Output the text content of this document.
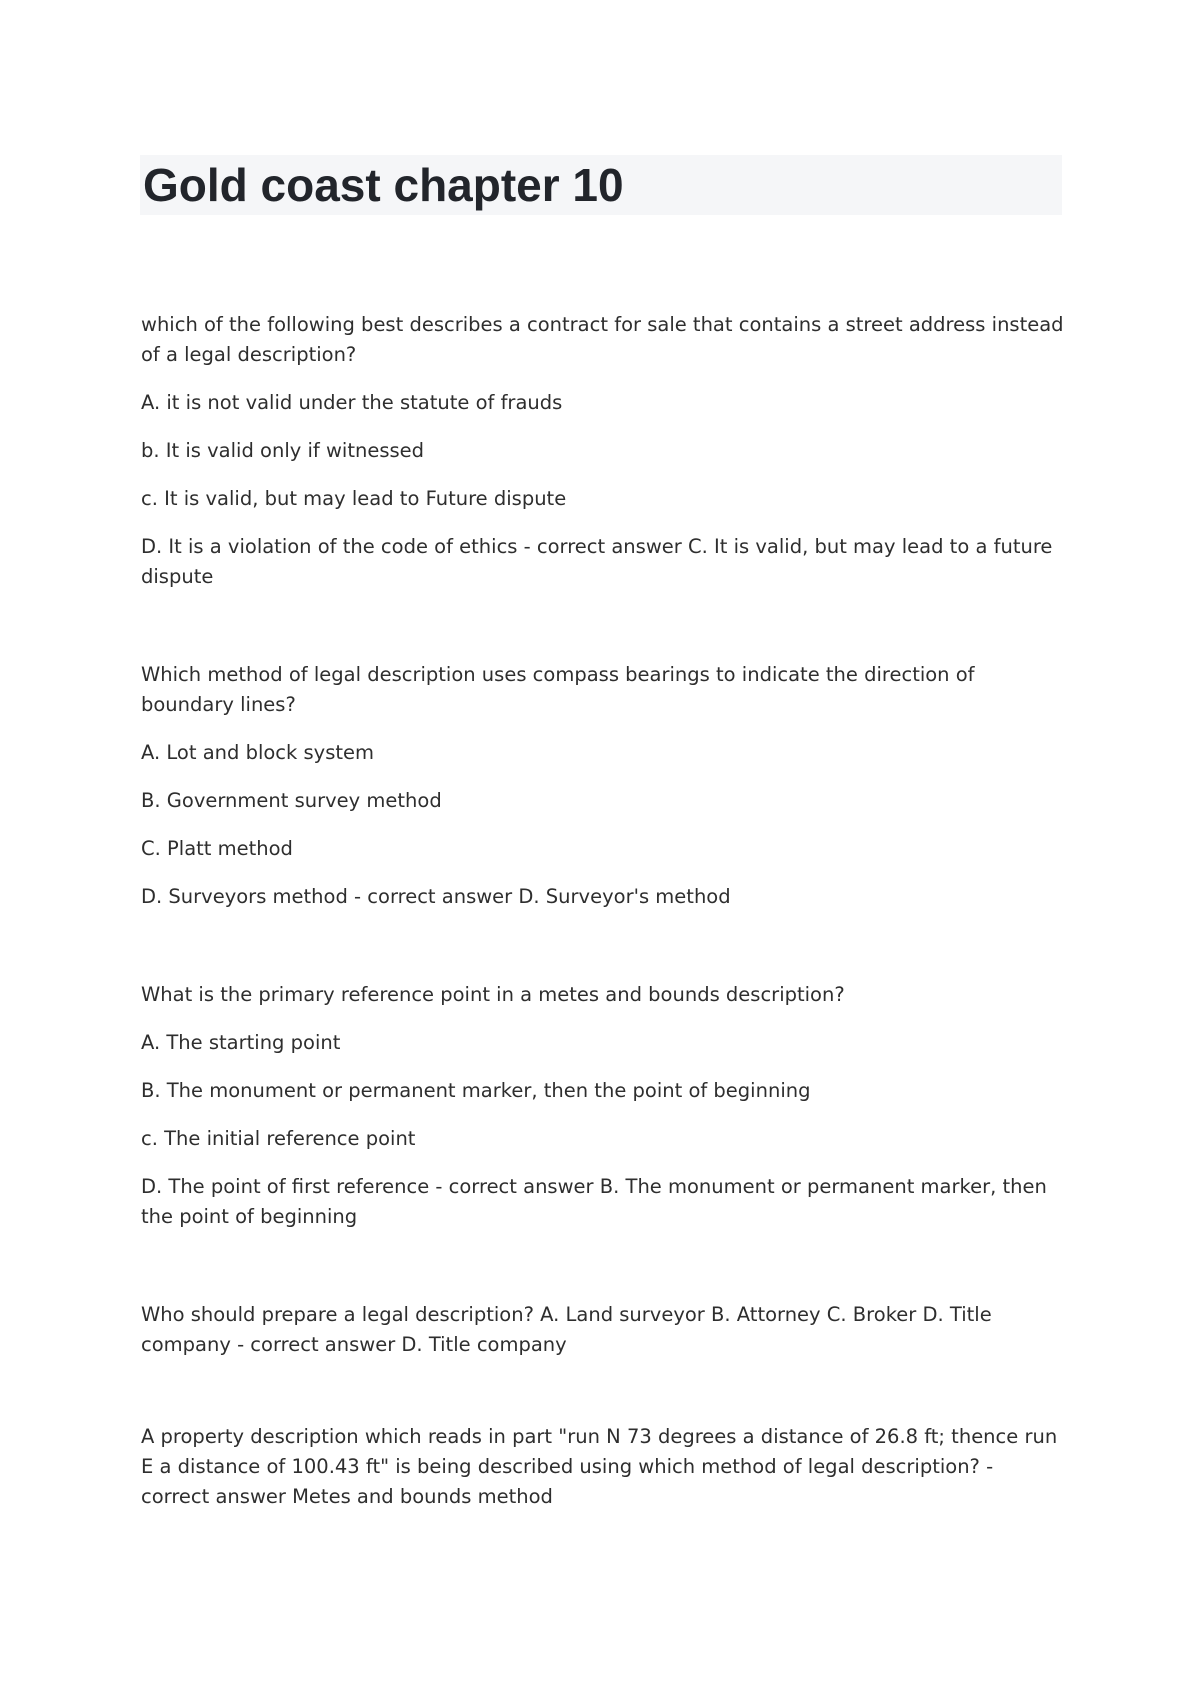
Gold coast chapter 10

which of the following best describes a contract for sale that contains a street address instead of a legal description?

A. it is not valid under the statute of frauds

b. It is valid only if witnessed

c. It is valid, but may lead to Future dispute

D. It is a violation of the code of ethics - correct answer C. It is valid, but may lead to a future dispute

Which method of legal description uses compass bearings to indicate the direction of boundary lines?

A. Lot and block system

B. Government survey method

C. Platt method

D. Surveyors method - correct answer D. Surveyor's method

What is the primary reference point in a metes and bounds description?

A. The starting point

B. The monument or permanent marker, then the point of beginning

c. The initial reference point

D. The point of first reference - correct answer B. The monument or permanent marker, then the point of beginning

Who should prepare a legal description? A. Land surveyor B. Attorney C. Broker D. Title company - correct answer D. Title company

A property description which reads in part "run N 73 degrees a distance of 26.8 ft; thence run E a distance of 100.43 ft" is being described using which method of legal description? - correct answer Metes and bounds method
